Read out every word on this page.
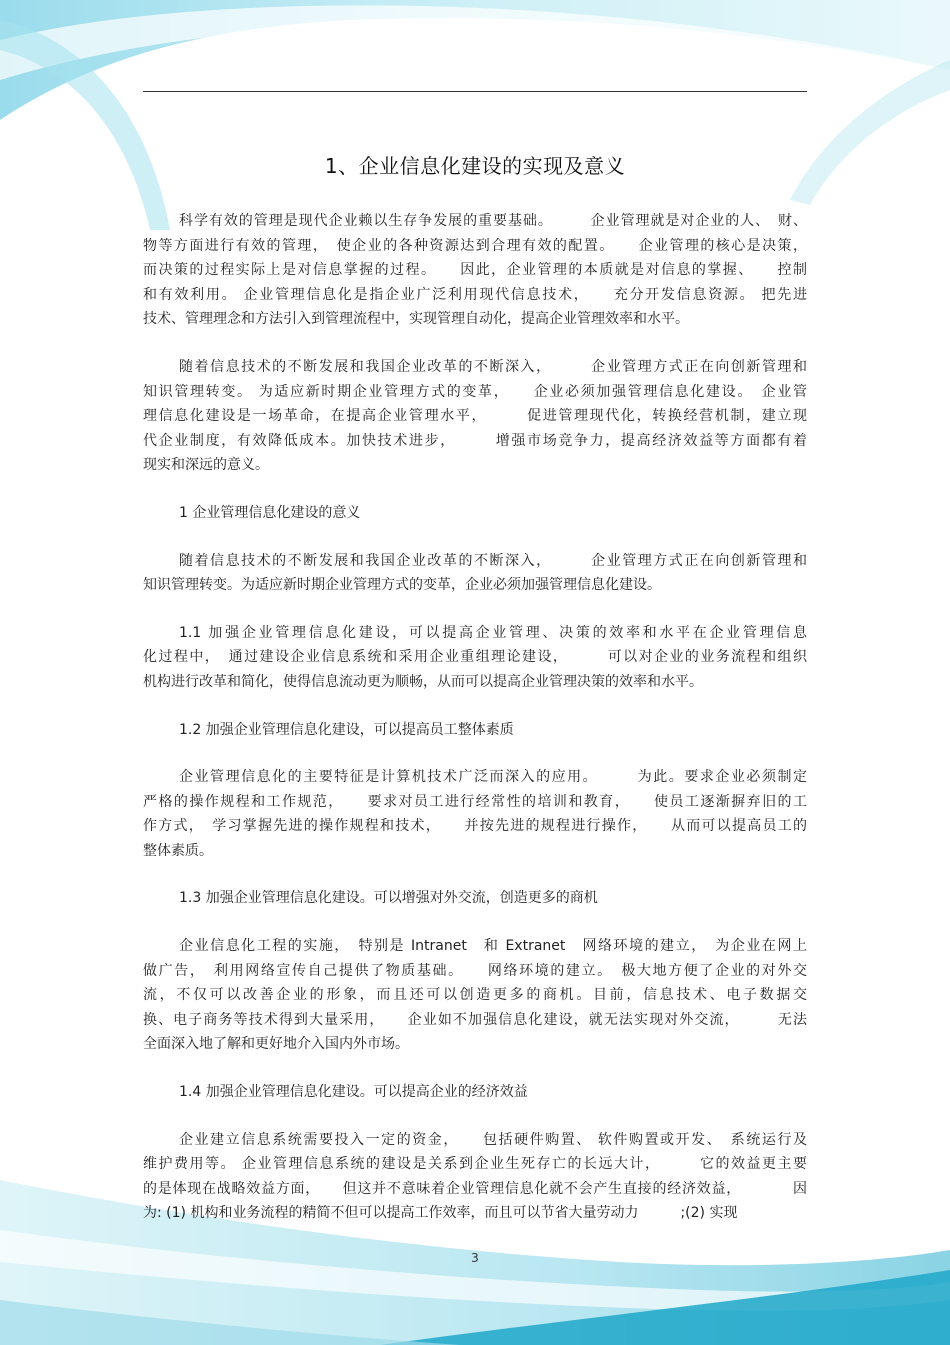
1、企业信息化建设的实现及意义
科学有效的管理是现代企业赖以生存争发展的重要基础。　　　企业管理就是对企业的人、　财、
物等方面进行有效的管理，　使企业的各种资源达到合理有效的配置。　　企业管理的核心是决策，
而决策的过程实际上是对信息掌握的过程。　　因此，企业管理的本质就是对信息的掌握、　　控制
和有效利用。 企业管理信息化是指企业广泛利用现代信息技术，　　充分开发信息资源。 把先进
技术、管理理念和方法引入到管理流程中，实现管理自动化，提高企业管理效率和水平。
随着信息技术的不断发展和我国企业改革的不断深入，　　　企业管理方式正在向创新管理和
知识管理转变。 为适应新时期企业管理方式的变革，　　企业必须加强管理信息化建设。　企业管
理信息化建设是一场革命，在提高企业管理水平，　　　促进管理现代化，转换经营机制，建立现
代企业制度，有效降低成本。加快技术进步，　　　增强市场竞争力，提高经济效益等方面都有着
现实和深远的意义。
1 企业管理信息化建设的意义
随着信息技术的不断发展和我国企业改革的不断深入，　　　企业管理方式正在向创新管理和
知识管理转变。为适应新时期企业管理方式的变革，企业必须加强管理信息化建设。
1.1 加强企业管理信息化建设，可以提高企业管理、决策的效率和水平在企业管理信息
化过程中，　通过建设企业信息系统和采用企业重组理论建设，　　　可以对企业的业务流程和组织
机构进行改革和简化，使得信息流动更为顺畅，从而可以提高企业管理决策的效率和水平。
1.2 加强企业管理信息化建设，可以提高员工整体素质
企业管理信息化的主要特征是计算机技术广泛而深入的应用。　　　为此。要求企业必须制定
严格的操作规程和工作规范，　　要求对员工进行经常性的培训和教育，　　使员工逐渐摒弃旧的工
作方式，　学习掌握先进的操作规程和技术，　　并按先进的规程进行操作，　　从而可以提高员工的
整体素质。
1.3 加强企业管理信息化建设。可以增强对外交流，创造更多的商机
企业信息化工程的实施，　特别是 Intranet　和 Extranet　网络环境的建立，　为企业在网上
做广告，　利用网络宣传自己提供了物质基础。　　网络环境的建立。　极大地方便了企业的对外交
流，不仅可以改善企业的形象，而且还可以创造更多的商机。目前，信息技术、电子数据交
换、电子商务等技术得到大量采用，　　企业如不加强信息化建设，就无法实现对外交流，　　　无法
全面深入地了解和更好地介入国内外市场。
1.4 加强企业管理信息化建设。可以提高企业的经济效益
企业建立信息系统需要投入一定的资金，　　包括硬件购置、 软件购置或开发、　系统运行及
维护费用等。 企业管理信息系统的建设是关系到企业生死存亡的长远大计，　　　它的效益更主要
的是体现在战略效益方面，　　但这并不意味着企业管理信息化就不会产生直接的经济效益，　　　　因
为: (1) 机构和业务流程的精简不但可以提高工作效率，而且可以节省大量劳动力　　　;(2) 实现
3
